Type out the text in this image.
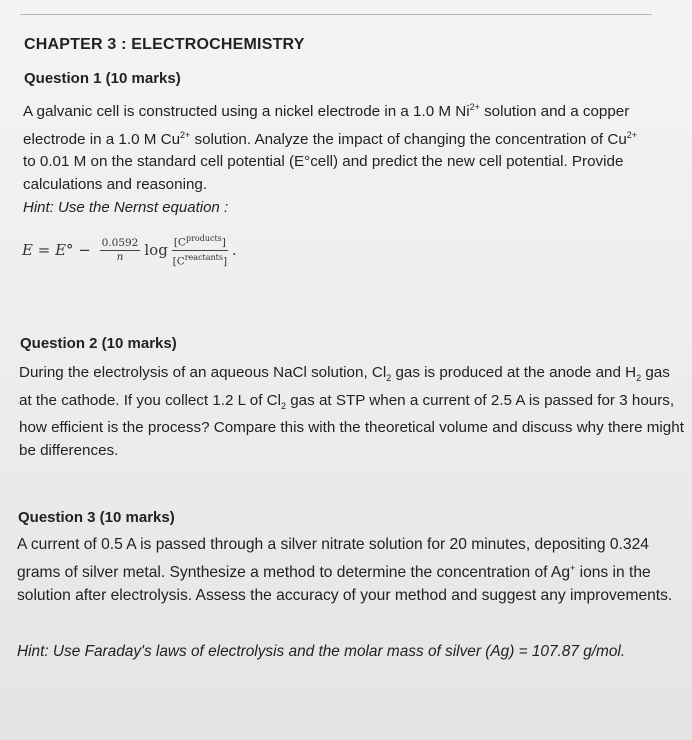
CHAPTER 3 : ELECTROCHEMISTRY
Question 1 (10 marks)

A galvanic cell is constructed using a nickel electrode in a 1.0 M $Ni^{2+}$ solution and a copper electrode in a 1.0 M $Cu^{2+}$ solution. Analyze the impact of changing the concentration of $Cu^{2+}$ to 0.01 M on the standard cell potential (E°cell) and predict the new cell potential. Provide calculations and reasoning.

Hint: Use the Nernst equation :
$E = E^\circ - \frac{0.0592}{n}$ $\log \frac{[C^{products}]}{[C^{reactants}]}$ .
Question 2 (10 marks)

During the electrolysis of an aqueous NaCl solution, $Cl_2$ gas is produced at the anode and $H_2$ gas at the cathode. If you collect 1.2 L of $Cl_2$ gas at STP when a current of 2.5 A is passed for 3 hours, how efficient is the process? Compare this with the theoretical volume and discuss why there might be differences.

Question 3 (10 marks)

A current of 0.5 A is passed through a silver nitrate solution for 20 minutes, depositing 0.324 grams of silver metal. Synthesize a method to determine the concentration of Ag+ ions in the solution after electrolysis. Assess the accuracy of your method and suggest any improvements.

Hint: Use Faraday's laws of electrolysis and the molar mass of silver (Ag) = 107.87 g/mol.
